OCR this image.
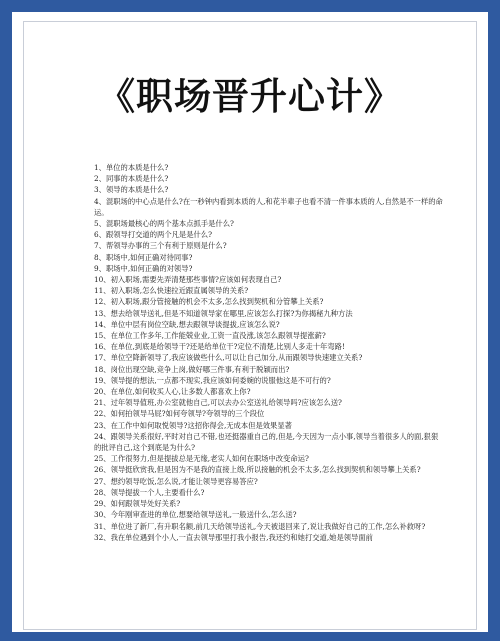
《职场晋升心计》

1、单位的本质是什么?

2、同事的本质是什么?

3、领导的本质是什么?

4、混职场的中心点是什么?在一秒钟内看到本质的人,和花半辈子也看不清一件事本质的人,自然是不一样的命运。

5、混职场最核心的两个基本点抓手是什么?

6、跟领导打交道的两个凡是是什么?

7、帮领导办事的三个有利于原则是什么?

8、职场中,如何正确对待同事?

9、职场中,如何正确的对领导?

10、初入职场,需要先弄清楚那些事情?应该如何表现自己?

11、初入职场,怎么快速拉近跟直属领导的关系?

12、初入职场,跟分管接触的机会不太多,怎么找到契机和分管攀上关系?

13、想去给领导送礼,但是不知道领导家在哪里,应该怎么打探?为你揭秘九种方法

14、单位中层有岗位空缺,想去跟领导谈提拔,应该怎么说?

15、在单位工作多年,工作能兢业业,工资一直没涨,该怎么跟领导提涨薪?

16、在单位,到底是给领导干?还是给单位干?定位不清楚,比别人多走十年弯路!

17、单位空降新领导了,我应该做些什么,可以让自己加分,从而跟领导快速建立关系?

18、岗位出现空缺,竞争上岗,做好哪三件事,有利于脱颖而出?

19、领导提的想法,一点都不现实,我应该如何委婉的说服他这是不可行的?

20、在单位,如何收买人心,让多数人都喜欢上你?

21、过年领导值班,办公室就他自己,可以去办公室送礼给领导吗?应该怎么送?

22、如何拍领导马屁?如何夸领导?夸领导的三个段位

23、在工作中如何取悦领导?这招你得会,无成本但是效果显著

24、跟领导关系很好,平时对自己不错,也还挺器重自己的,但是,今天因为一点小事,领导当着很多人的面,狠狠的批评自己,这个到底是为什么?

25、工作很努力,但是提拔总是无缘,老实人如何在职场中改变命运?

26、领导挺欣赏我,但是因为不是我的直接上级,所以接触的机会不太多,怎么找到契机和领导攀上关系?

27、想约领导吃饭,怎么说,才能让领导更容易答应?

28、领导提拔一个人,主要看什么?

29、如何跟领导处好关系?

30、今年刚审查进的单位,想要给领导送礼,一般送什么,怎么送?

31、单位进了新厂,有升职名额,前几天给领导送礼,今天被退回来了,说让我做好自己的工作,怎么补救呀?

32、我在单位遇到个小人,一直去领导那里打我小报告,我还约和她打交道,她是领导面前
